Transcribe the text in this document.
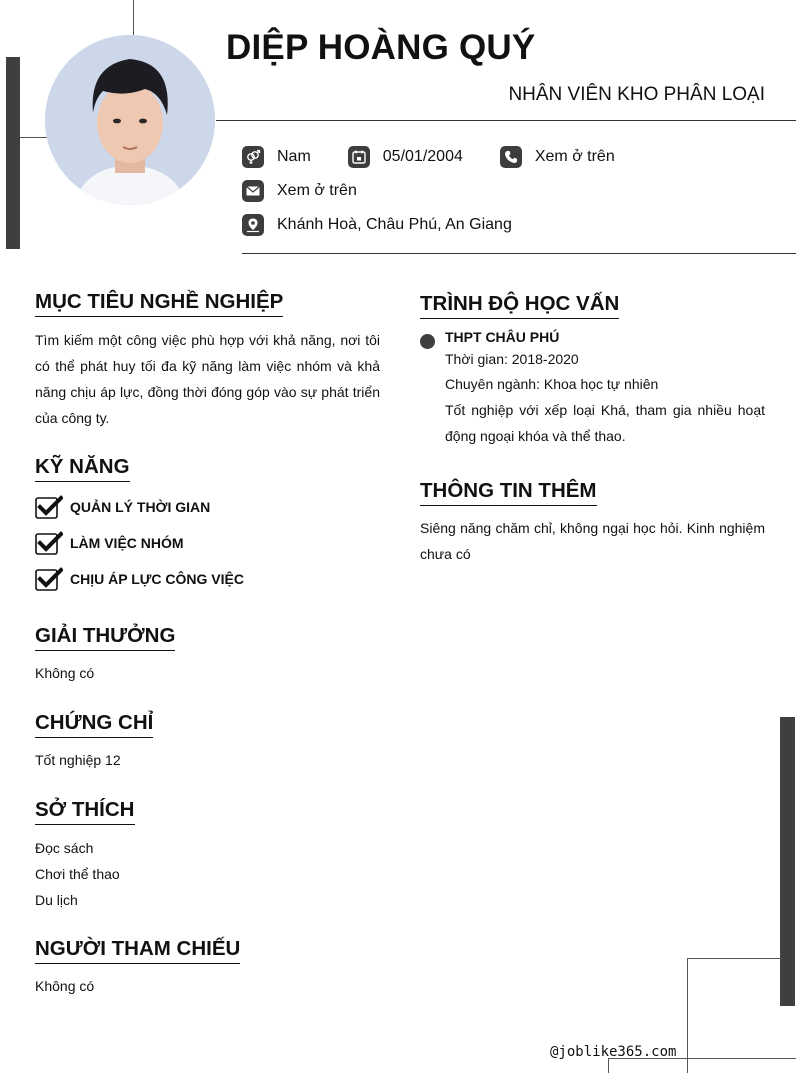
DIỆP HOÀNG QUÝ
NHÂN VIÊN KHO PHÂN LOẠI
Nam	05/01/2004	Xem ở trên
Xem ở trên
Khánh Hoà, Châu Phú, An Giang
MỤC TIÊU NGHỀ NGHIỆP
Tìm kiếm một công việc phù hợp với khả năng, nơi tôi có thể phát huy tối đa kỹ năng làm việc nhóm và khả năng chịu áp lực, đồng thời đóng góp vào sự phát triển của công ty.
KỸ NĂNG
QUẢN LÝ THỜI GIAN
LÀM VIỆC NHÓM
CHỊU ÁP LỰC CÔNG VIỆC
GIẢI THƯỞNG
Không có
CHỨNG CHỈ
Tốt nghiệp 12
SỞ THÍCH
Đọc sách
Chơi thể thao
Du lịch
NGƯỜI THAM CHIẾU
Không có
TRÌNH ĐỘ HỌC VẤN
THPT CHÂU PHÚ
Thời gian: 2018-2020
Chuyên ngành: Khoa học tự nhiên
Tốt nghiệp với xếp loại Khá, tham gia nhiều hoạt động ngoại khóa và thể thao.
THÔNG TIN THÊM
Siêng năng chăm chỉ, không ngại học hỏi. Kinh nghiệm chưa có
@joblike365.com
